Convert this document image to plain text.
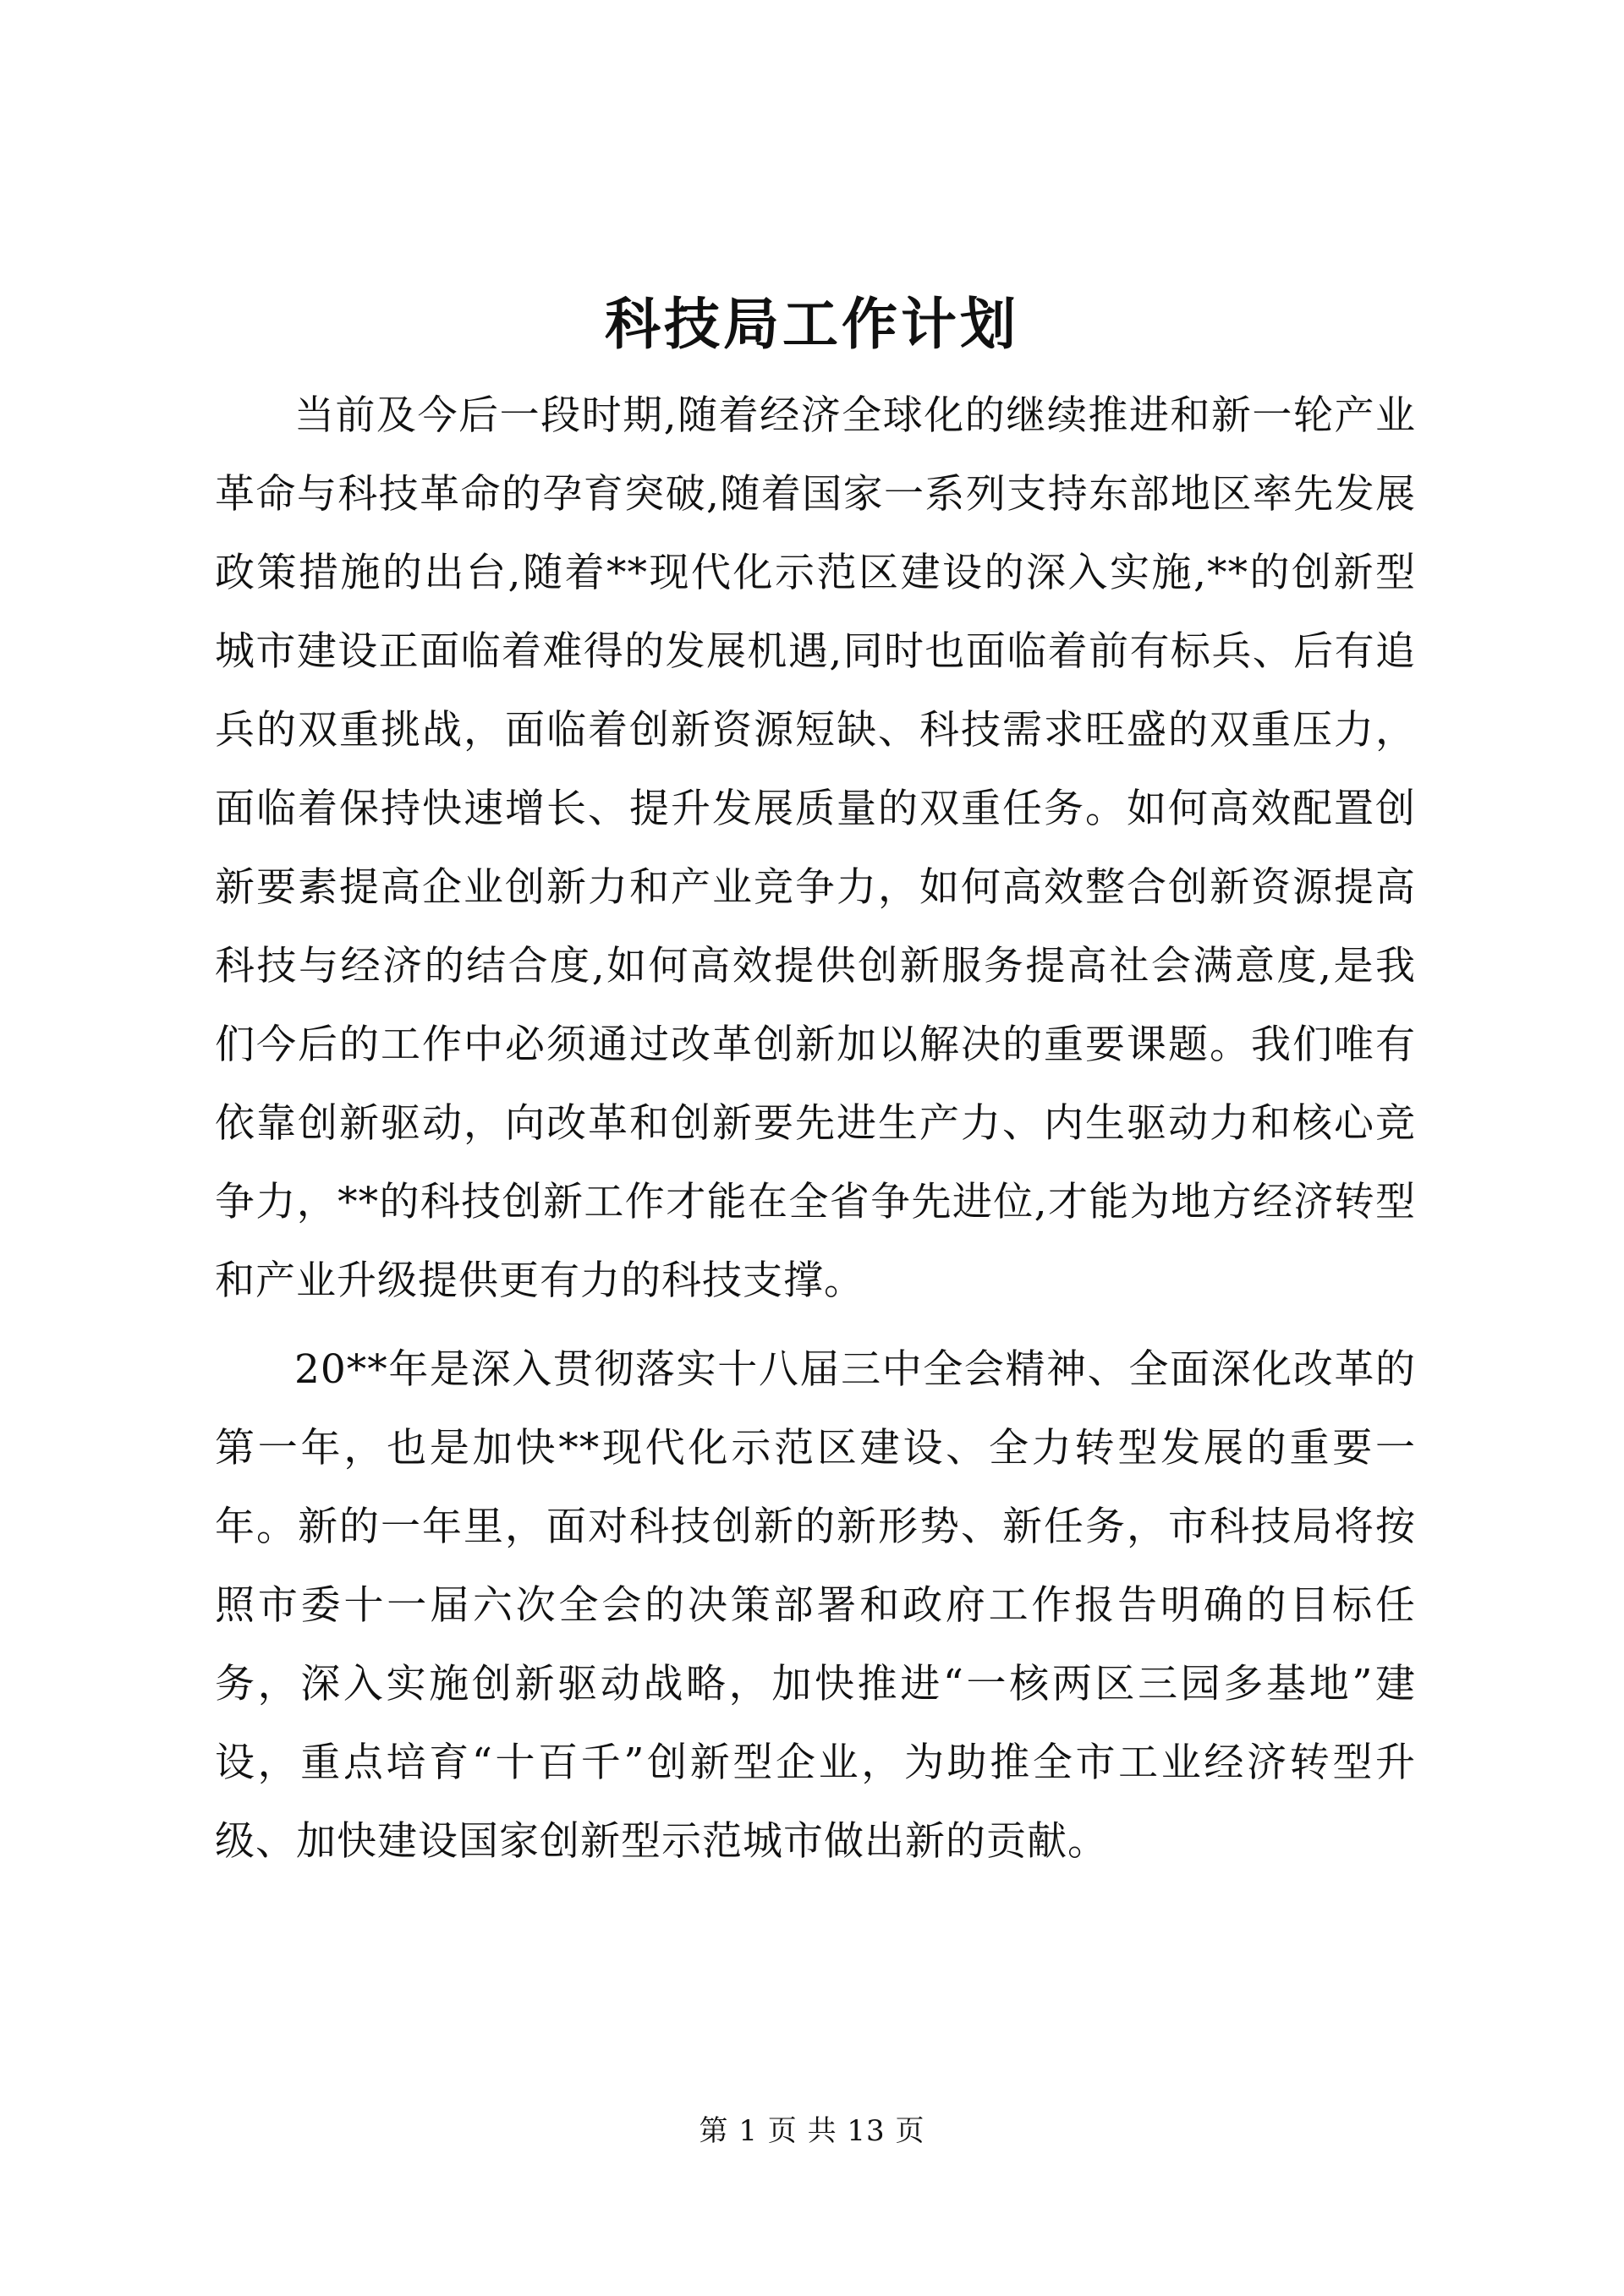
科技局工作计划

当前及今后一段时期,随着经济全球化的继续推进和新一轮产业革命与科技革命的孕育突破,随着国家一系列支持东部地区率先发展政策措施的出台,随着**现代化示范区建设的深入实施,**的创新型城市建设正面临着难得的发展机遇,同时也面临着前有标兵、后有追兵的双重挑战，面临着创新资源短缺、科技需求旺盛的双重压力，面临着保持快速增长、提升发展质量的双重任务。如何高效配置创新要素提高企业创新力和产业竞争力，如何高效整合创新资源提高科技与经济的结合度,如何高效提供创新服务提高社会满意度,是我们今后的工作中必须通过改革创新加以解决的重要课题。我们唯有依靠创新驱动，向改革和创新要先进生产力、内生驱动力和核心竞争力，**的科技创新工作才能在全省争先进位,才能为地方经济转型和产业升级提供更有力的科技支撑。

20**年是深入贯彻落实十八届三中全会精神、全面深化改革的第一年，也是加快**现代化示范区建设、全力转型发展的重要一年。新的一年里，面对科技创新的新形势、新任务，市科技局将按照市委十一届六次全会的决策部署和政府工作报告明确的目标任务，深入实施创新驱动战略，加快推进“一核两区三园多基地”建设，重点培育“十百千”创新型企业，为助推全市工业经济转型升级、加快建设国家创新型示范城市做出新的贡献。

第 1 页 共 13 页
